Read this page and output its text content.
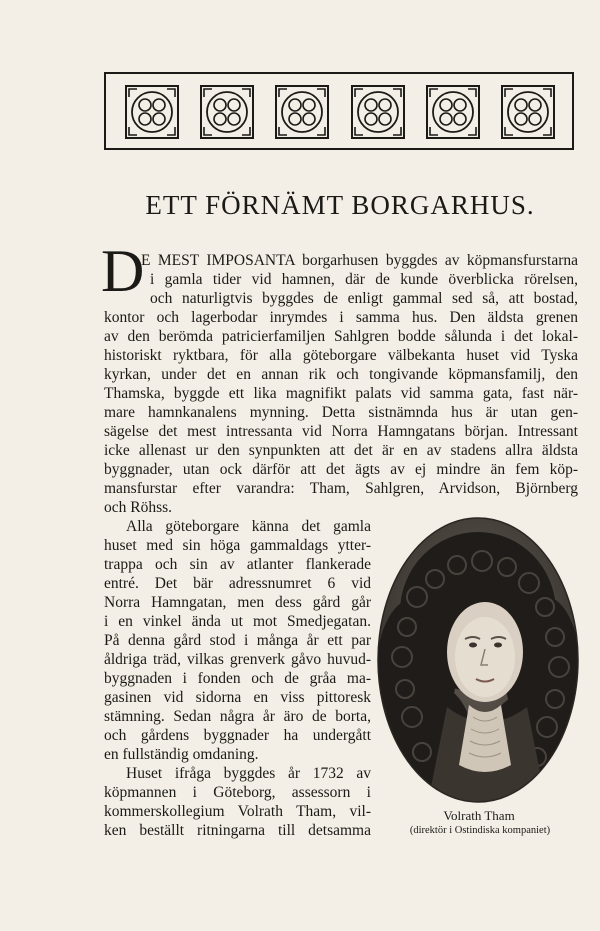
ETT FÖRNÄMT BORGARHUS.
D
E MEST IMPOSANTA borgarhusen byggdes av köpmansfurstarna
i gamla tider vid hamnen, där de kunde överblicka rörelsen,
och naturligtvis byggdes de enligt gammal sed så, att bostad,
kontor och lagerbodar inrymdes i samma hus. Den äldsta grenen
av den berömda patricierfamiljen Sahlgren bodde sålunda i det lokal-
historiskt ryktbara, för alla göteborgare välbekanta huset vid Tyska
kyrkan, under det en annan rik och tongivande köpmansfamilj, den
Thamska, byggde ett lika magnifikt palats vid samma gata, fast när-
mare hamnkanalens mynning. Detta sistnämnda hus är utan gen-
sägelse det mest intressanta vid Norra Hamngatans början. Intressant
icke allenast ur den synpunkten att det är en av stadens allra äldsta
byggnader, utan ock därför att det ägts av ej mindre än fem köp-
mansfurstar efter varandra: Tham, Sahlgren, Arvidson, Björnberg
och Röhss.
Alla göteborgare känna det gamla
huset med sin höga gammaldags ytter-
trappa och sin av atlanter flankerade
entré. Det bär adressnumret 6 vid
Norra Hamngatan, men dess gård går
i en vinkel ända ut mot Smedjegatan.
På denna gård stod i många år ett par
åldriga träd, vilkas grenverk gåvo huvud-
byggnaden i fonden och de gråa ma-
gasinen vid sidorna en viss pittoresk
stämning. Sedan några år äro de borta,
och gårdens byggnader ha undergått
en fullständig omdaning.
Huset ifråga byggdes år 1732 av
köpmannen i Göteborg, assessorn i
kommerskollegium Volrath Tham, vil-
ken beställt ritningarna till detsamma
Volrath Tham
(direktör i Ostindiska kompaniet)
